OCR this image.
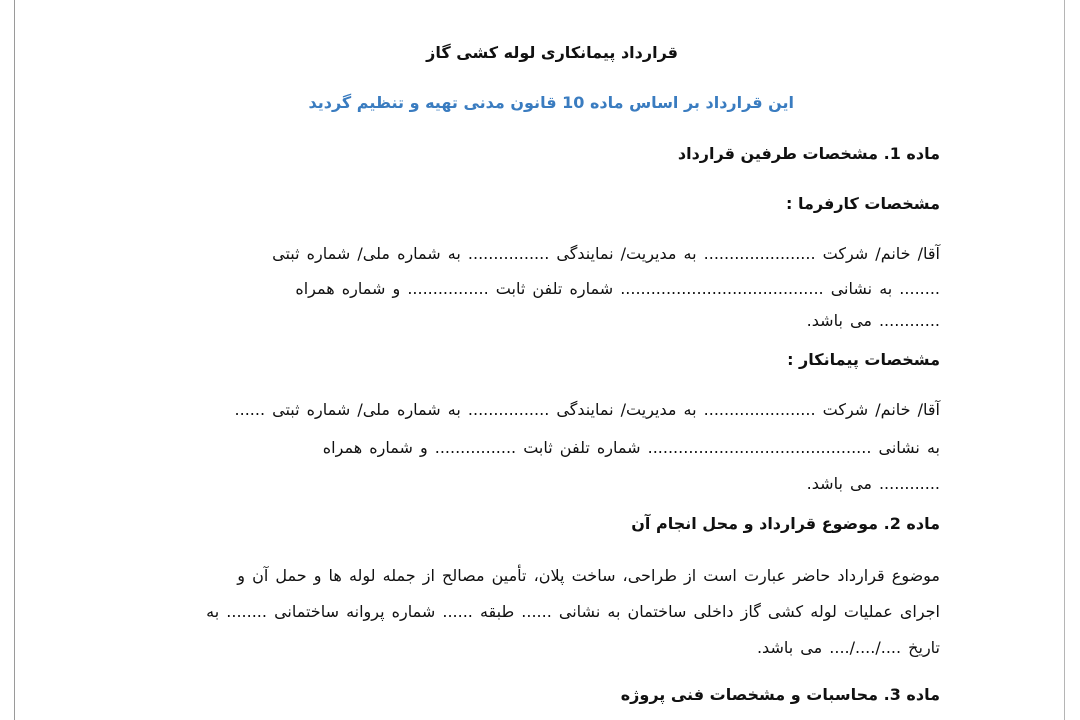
قرارداد پیمانکاری لوله کشی گاز
این قرارداد بر اساس ماده 10 قانون مدنی تهیه و تنظیم گردید
ماده 1. مشخصات طرفین قرارداد
مشخصات کارفرما :
آقا/ خانم/ شرکت ...................... به مدیریت/ نمایندگی ................ به شماره ملی/ شماره ثبتی
........ به نشانی ........................................ شماره تلفن ثابت ................ و شماره همراه
............ می باشد.
مشخصات پیمانکار :
آقا/ خانم/ شرکت ...................... به مدیریت/ نمایندگی ................ به شماره ملی/ شماره ثبتی ......
به نشانی ............................................ شماره تلفن ثابت ................ و شماره همراه
............ می باشد.
ماده 2. موضوع قرارداد و محل انجام آن
موضوع قرارداد حاضر عبارت است از طراحی، ساخت پلان، تأمین مصالح از جمله لوله ها و حمل آن و
اجرای عملیات لوله کشی گاز داخلی ساختمان به نشانی ...... طبقه ...... شماره پروانه ساختمانی ........ به
تاریخ ..../..../.... می باشد.
ماده 3. محاسبات و مشخصات فنی پروژه
